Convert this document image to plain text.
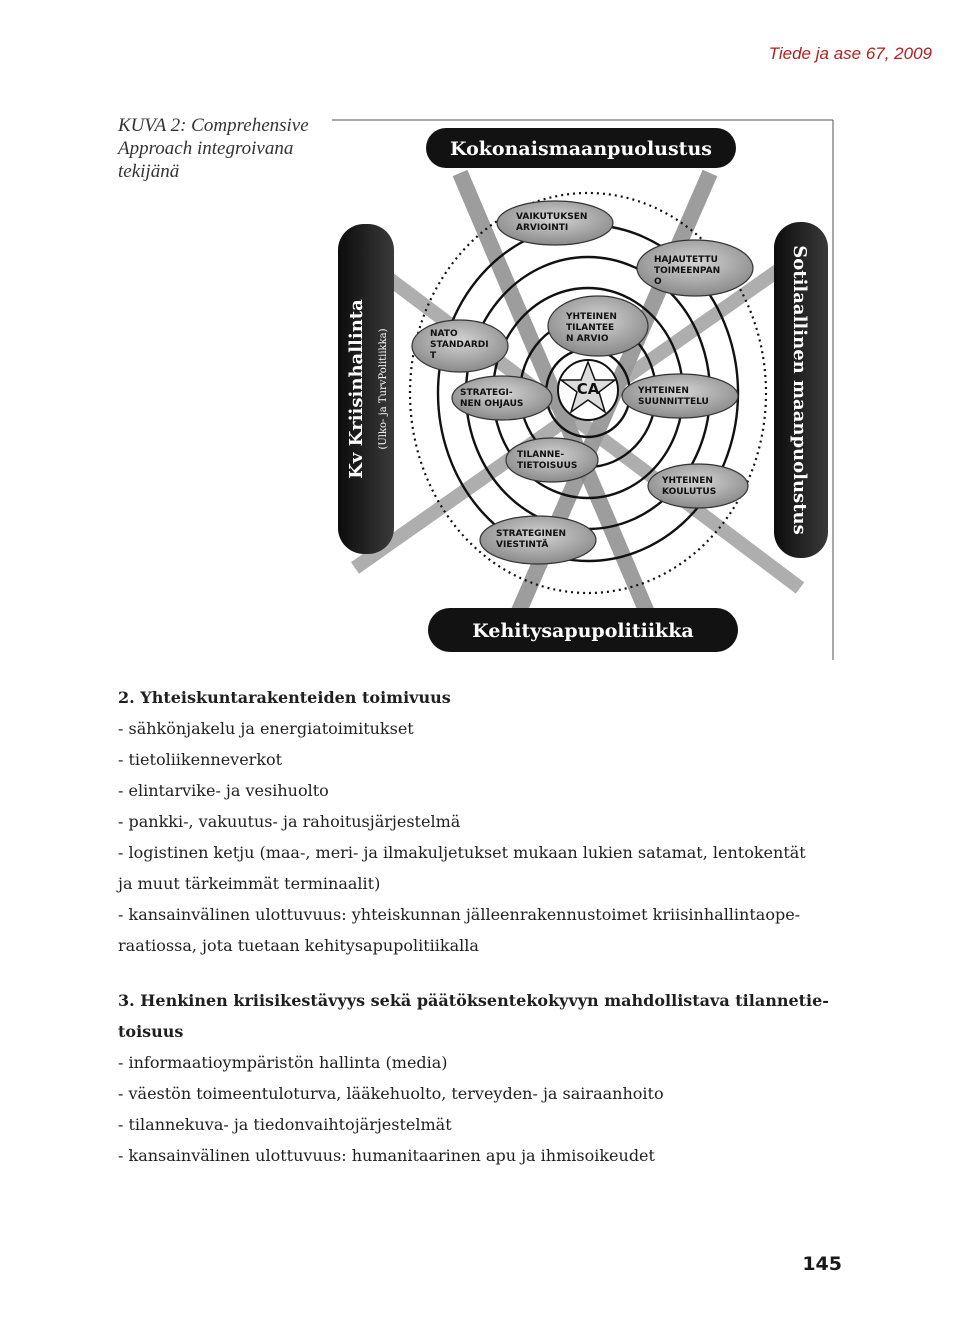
Tiede ja ase 67, 2009
KUVA 2: Comprehensive Approach integroivana tekijänä
CA
VAIKUTUKSEN
ARVIOINTI
HAJAUTETTU
TOIMEENPAN
O
NATO
STANDARDI
T
YHTEINEN
TILANTEE
N ARVIO
STRATEGI-
NEN OHJAUS
YHTEINEN
SUUNNITTELU
TILANNE-
TIETOISUUS
YHTEINEN
KOULUTUS
STRATEGINEN
VIESTINTÄ
Kokonaismaanpuolustus
Kehitysapupolitiikka
Kv Kriisinhallinta (Ulko- ja TurvPolitiikka)	Sotilaallinen maanpuolustus

2. Yhteiskuntarakenteiden toimivuus

- sähkönjakelu ja energiatoimitukset

- tietoliikenneverkot

- elintarvike- ja vesihuolto

- pankki-, vakuutus- ja rahoitusjärjestelmä

- logistinen ketju (maa-, meri- ja ilmakuljetukset mukaan lukien satamat, lentokentät

ja muut tärkeimmät terminaalit)

- kansainvälinen ulottuvuus: yhteiskunnan jälleenrakennustoimet kriisinhallintaope-

raatiossa, jota tuetaan kehitysapupolitiikalla

3. Henkinen kriisikestävyys sekä päätöksentekokyvyn mahdollistava tilannetie-

toisuus

- informaatioympäristön hallinta (media)

- väestön toimeentuloturva, lääkehuolto, terveyden- ja sairaanhoito

- tilannekuva- ja tiedonvaihtojärjestelmät

- kansainvälinen ulottuvuus: humanitaarinen apu ja ihmisoikeudet

145
